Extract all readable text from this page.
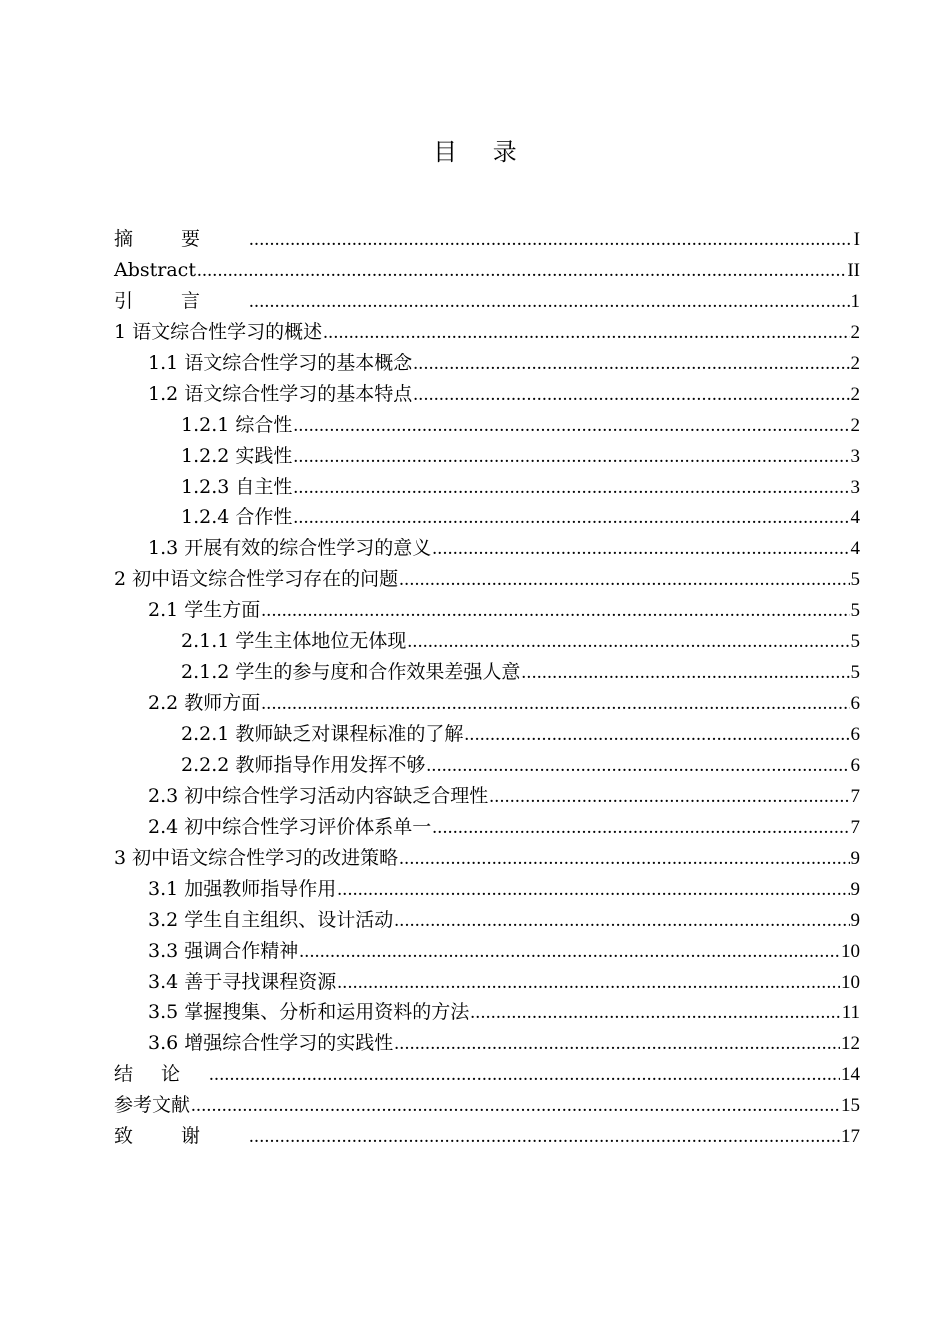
目 录
摘要 .....	I
Abstract .....	II
引言 .....	1
1 语文综合性学习的概述 .....	2
1.1 语文综合性学习的基本概念 .....	2
1.2 语文综合性学习的基本特点 .....	2
1.2.1 综合性 .....	2
1.2.2 实践性 .....	3
1.2.3 自主性 .....	3
1.2.4 合作性 .....	4
1.3 开展有效的综合性学习的意义 .....	4
2 初中语文综合性学习存在的问题 .....	5
2.1 学生方面 .....	5
2.1.1 学生主体地位无体现 .....	5
2.1.2 学生的参与度和合作效果差强人意 .....	5
2.2 教师方面 .....	6
2.2.1 教师缺乏对课程标准的了解 .....	6
2.2.2 教师指导作用发挥不够 .....	6
2.3 初中综合性学习活动内容缺乏合理性 .....	7
2.4 初中综合性学习评价体系单一 .....	7
3 初中语文综合性学习的改进策略 .....	9
3.1 加强教师指导作用 .....	9
3.2 学生自主组织、设计活动 .....	9
3.3 强调合作精神 .....	10
3.4 善于寻找课程资源 .....	10
3.5 掌握搜集、分析和运用资料的方法 .....	11
3.6 增强综合性学习的实践性 .....	12
结论 .....	14
参考文献 .....	15
致谢 .....	17
